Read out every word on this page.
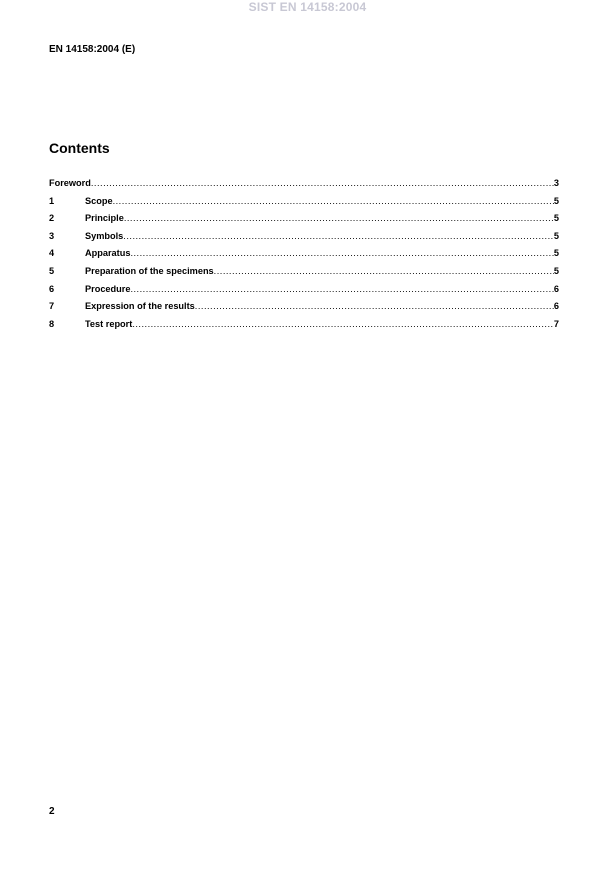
SIST EN 14158:2004
EN 14158:2004 (E)
Contents
Foreword .....	3
1	Scope .....	5
2	Principle .....	5
3	Symbols .....	5
4	Apparatus .....	5
5	Preparation of the specimens .....	5
6	Procedure .....	6
7	Expression of the results .....	6
8	Test report .....	7
2
